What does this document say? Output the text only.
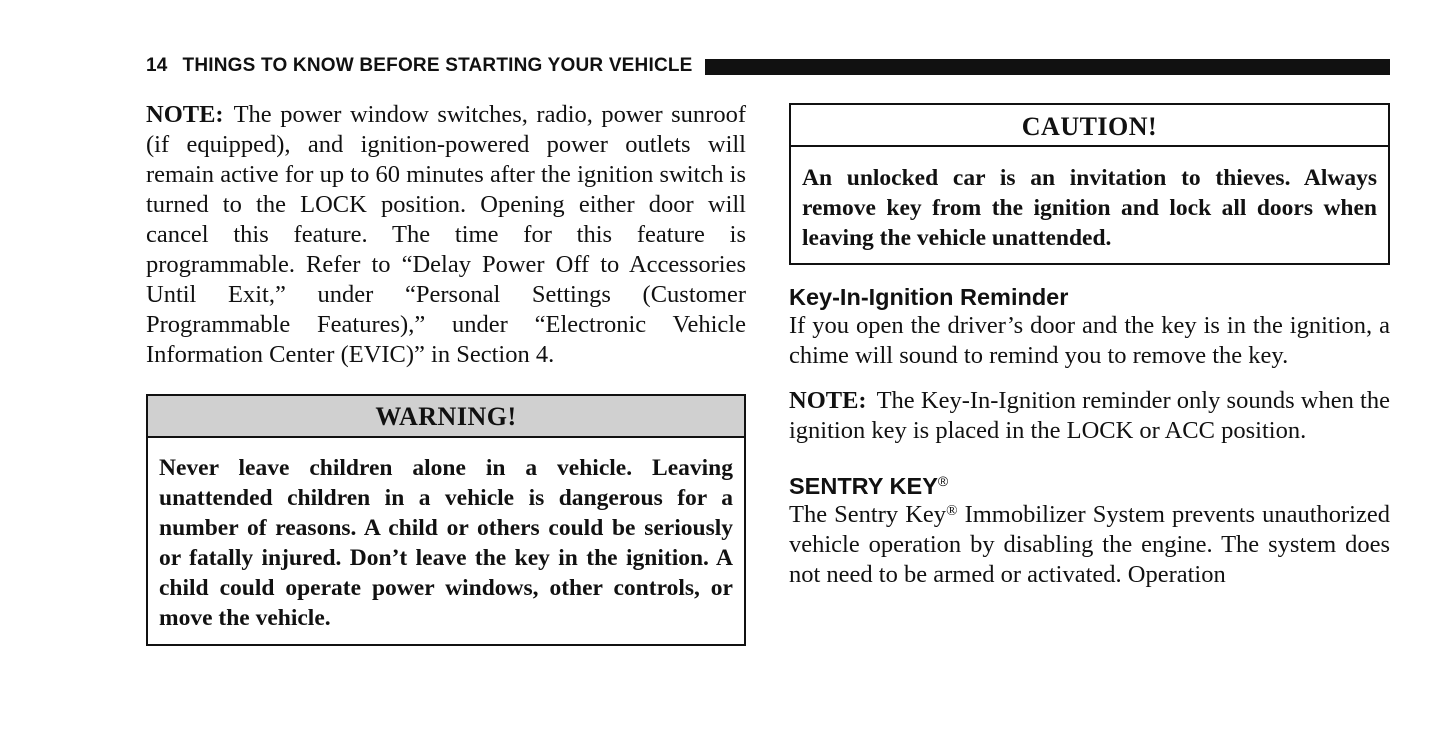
14 THINGS TO KNOW BEFORE STARTING YOUR VEHICLE

NOTE: The power window switches, radio, power sunroof (if equipped), and ignition-powered power outlets will remain active for up to 60 minutes after the ignition switch is turned to the LOCK position. Opening either door will cancel this feature. The time for this feature is programmable. Refer to “Delay Power Off to Accessories Until Exit,” under “Personal Settings (Customer Programmable Features),” under “Electronic Vehicle Information Center (EVIC)” in Section 4.

WARNING!

Never leave children alone in a vehicle. Leaving unattended children in a vehicle is dangerous for a number of reasons. A child or others could be seriously or fatally injured. Don’t leave the key in the ignition. A child could operate power windows, other controls, or move the vehicle.

CAUTION!

An unlocked car is an invitation to thieves. Always remove key from the ignition and lock all doors when leaving the vehicle unattended.

Key-In-Ignition Reminder

If you open the driver’s door and the key is in the ignition, a chime will sound to remind you to remove the key.

NOTE: The Key-In-Ignition reminder only sounds when the ignition key is placed in the LOCK or ACC position.

SENTRY KEY®

The Sentry Key® Immobilizer System prevents unauthorized vehicle operation by disabling the engine. The system does not need to be armed or activated. Operation
